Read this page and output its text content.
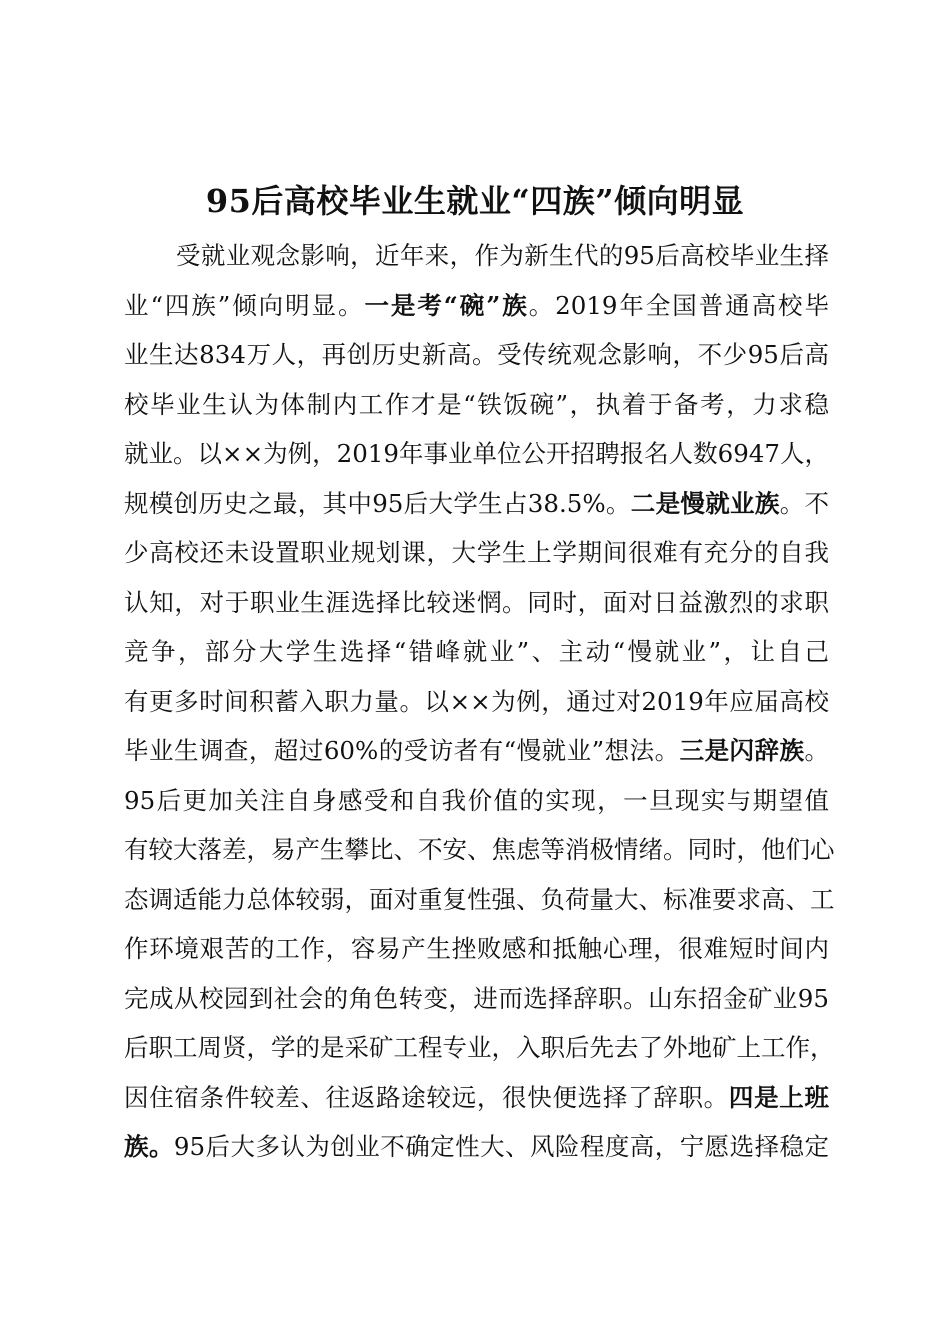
95后高校毕业生就业“四族”倾向明显
受就业观念影响，近年来，作为新生代的95后高校毕业生择
业“四族”倾向明显。一是考“碗”族。2019年全国普通高校毕
业生达834万人，再创历史新高。受传统观念影响，不少95后高
校毕业生认为体制内工作才是“铁饭碗”，执着于备考，力求稳
就业。以××为例，2019年事业单位公开招聘报名人数6947人，
规模创历史之最，其中95后大学生占38.5%。二是慢就业族。不
少高校还未设置职业规划课，大学生上学期间很难有充分的自我
认知，对于职业生涯选择比较迷惘。同时，面对日益激烈的求职
竞争，部分大学生选择“错峰就业”、主动“慢就业”，让自己
有更多时间积蓄入职力量。以××为例，通过对2019年应届高校
毕业生调查，超过60%的受访者有“慢就业”想法。三是闪辞族。
95后更加关注自身感受和自我价值的实现，一旦现实与期望值
有较大落差，易产生攀比、不安、焦虑等消极情绪。同时，他们心
态调适能力总体较弱，面对重复性强、负荷量大、标准要求高、工
作环境艰苦的工作，容易产生挫败感和抵触心理，很难短时间内
完成从校园到社会的角色转变，进而选择辞职。山东招金矿业95
后职工周贤，学的是采矿工程专业，入职后先去了外地矿上工作，
因住宿条件较差、往返路途较远，很快便选择了辞职。四是上班
族。95后大多认为创业不确定性大、风险程度高，宁愿选择稳定
